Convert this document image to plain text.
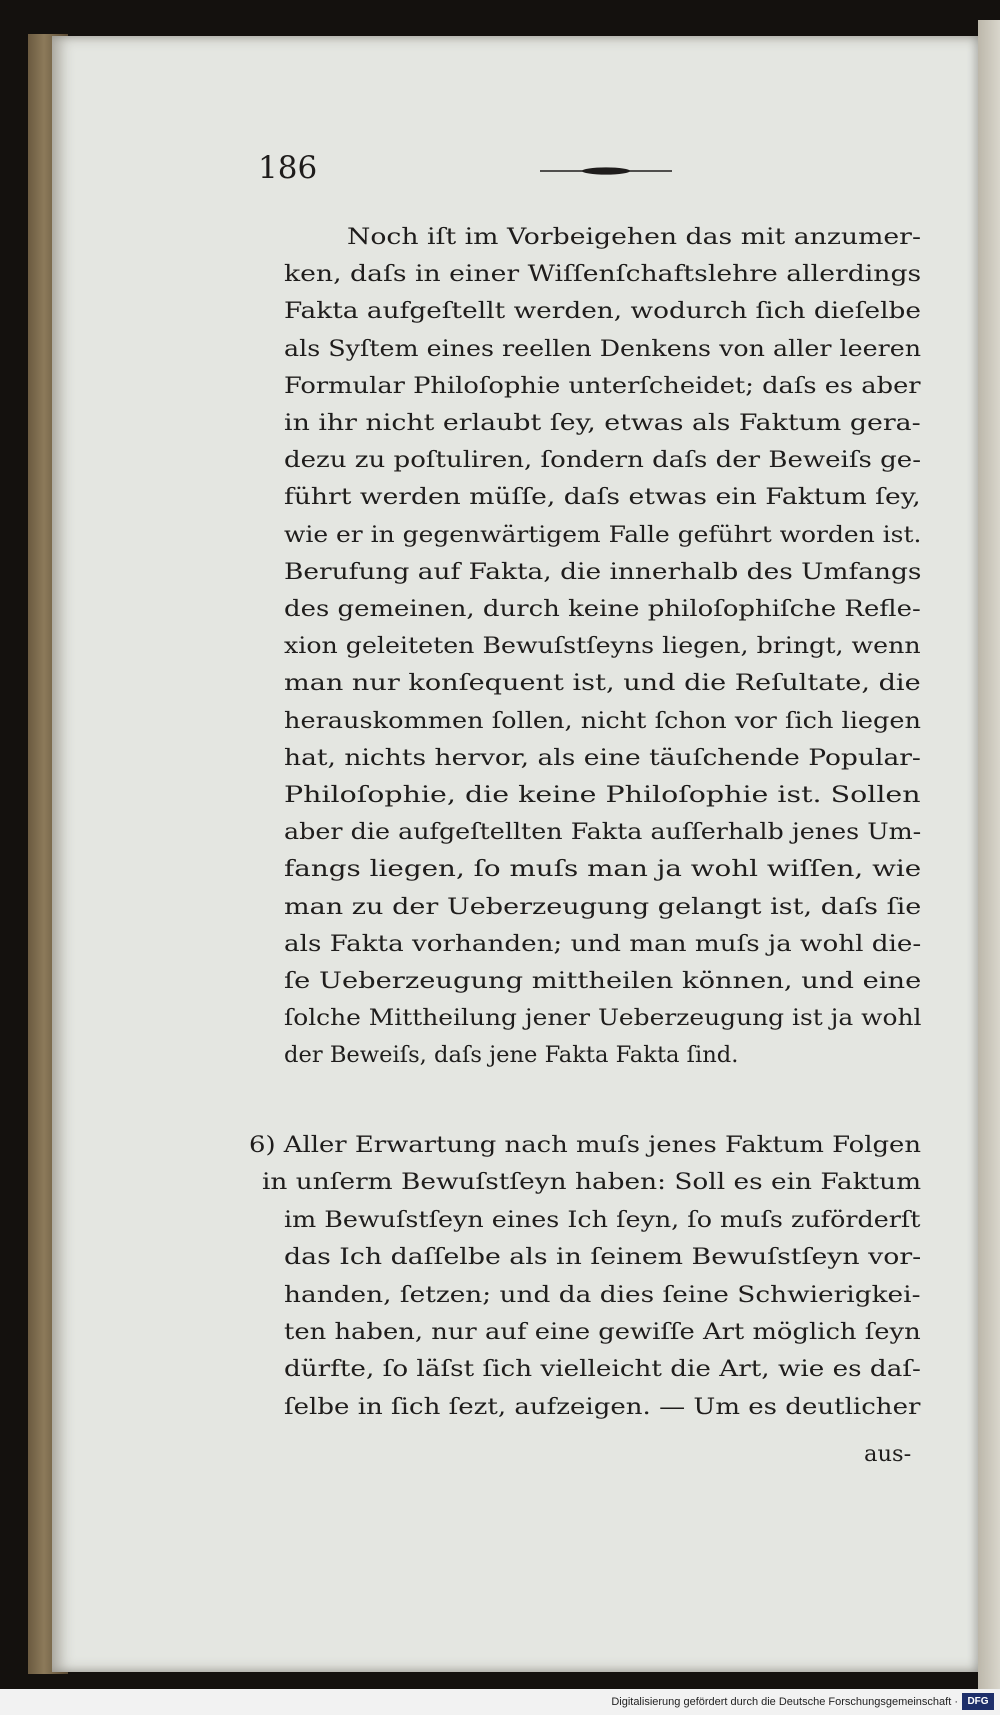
186
Noch iſt im Vorbeigehen das mit anzumer-
ken, daſs in einer Wiſſenſchaftslehre allerdings
Fakta aufgeſtellt werden, wodurch ſich dieſelbe
als Syſtem eines reellen Denkens von aller leeren
Formular Philoſophie unterſcheidet; daſs es aber
in ihr nicht erlaubt ſey, etwas als Faktum gera-
dezu zu poſtuliren, ſondern daſs der Beweiſs ge-
führt werden müſſe, daſs etwas ein Faktum ſey,
wie er in gegenwärtigem Falle geführt worden ist.
Berufung auf Fakta, die innerhalb des Umfangs
des gemeinen, durch keine philoſophiſche Refle-
xion geleiteten Bewuſstſeyns liegen, bringt, wenn
man nur konſequent ist, und die Reſultate, die
herauskommen ſollen, nicht ſchon vor ſich liegen
hat, nichts hervor, als eine täuſchende Popular-
Philoſophie, die keine Philoſophie ist. Sollen
aber die aufgeſtellten Fakta auſſerhalb jenes Um-
fangs liegen, ſo muſs man ja wohl wiſſen, wie
man zu der Ueberzeugung gelangt ist, daſs ſie
als Fakta vorhanden; und man muſs ja wohl die-
ſe Ueberzeugung mittheilen können, und eine
ſolche Mittheilung jener Ueberzeugung ist ja wohl
der Beweiſs, daſs jene Fakta Fakta ſind.
6) Aller Erwartung nach muſs jenes Faktum Folgen
in unſerm Bewuſstſeyn haben: Soll es ein Faktum
im Bewuſstſeyn eines Ich ſeyn, ſo muſs zuförderſt
das Ich daſſelbe als in ſeinem Bewuſstſeyn vor-
handen, ſetzen; und da dies ſeine Schwierigkei-
ten haben, nur auf eine gewiſſe Art möglich ſeyn
dürfte, ſo läſst ſich vielleicht die Art, wie es daſ-
ſelbe in ſich ſezt, aufzeigen. — Um es deutlicher
aus-
Digitalisierung gefördert durch die Deutsche Forschungsgemeinschaft · DFG
